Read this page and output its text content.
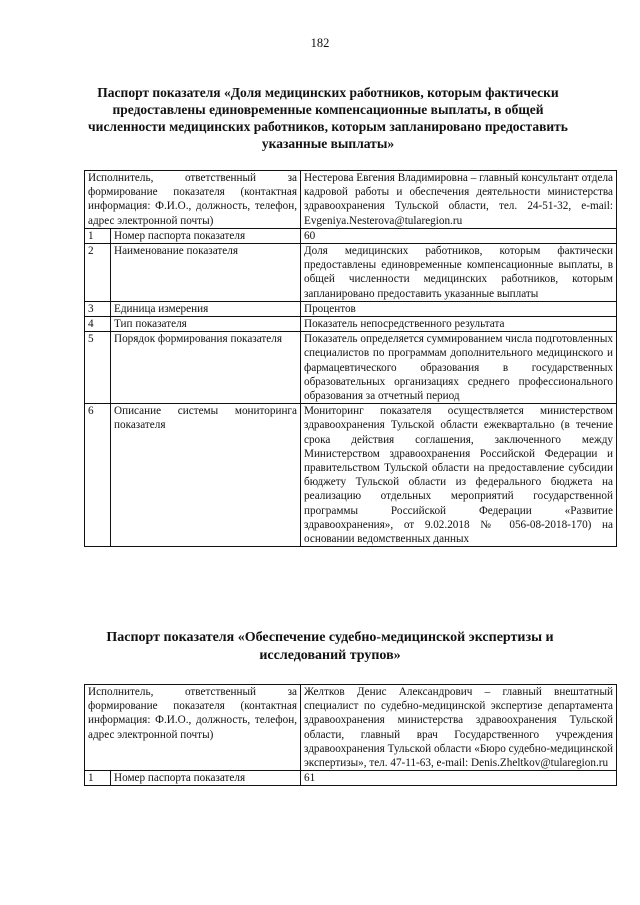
182
Паспорт показателя «Доля медицинских работников, которым фактически предоставлены единовременные компенсационные выплаты, в общей численности медицинских работников, которым запланировано предоставить указанные выплаты»
Исполнитель, ответственный за формирование показателя (контактная информация: Ф.И.О., должность, телефон, адрес электронной почты)		Нестерова Евгения Владимировна – главный консультант отдела кадровой работы и обеспечения деятельности министерства здравоохранения Тульской области, тел. 24-51-32, e-mail: Evgeniya.Nesterova@tularegion.ru
1	Номер паспорта показателя	60
2	Наименование показателя	Доля медицинских работников, которым фактически предоставлены единовременные компенсационные выплаты, в общей численности медицинских работников, которым запланировано предоставить указанные выплаты
3	Единица измерения	Процентов
4	Тип показателя	Показатель непосредственного результата
5	Порядок формирования показателя	Показатель определяется суммированием числа подготовленных специалистов по программам дополнительного медицинского и фармацевтического образования в государственных образовательных организациях среднего профессионального образования за отчетный период
6	Описание системы мониторинга показателя	Мониторинг показателя осуществляется министерством здравоохранения Тульской области ежеквартально (в течение срока действия соглашения, заключенного между Министерством здравоохранения Российской Федерации и правительством Тульской области на предоставление субсидии бюджету Тульской области из федерального бюджета на реализацию отдельных мероприятий государственной программы Российской Федерации «Развитие здравоохранения», от 9.02.2018 № 056-08-2018-170) на основании ведомственных данных
Паспорт показателя «Обеспечение судебно-медицинской экспертизы и исследований трупов»
Исполнитель, ответственный за формирование показателя (контактная информация: Ф.И.О., должность, телефон, адрес электронной почты)		Желтков Денис Александрович – главный внештатный специалист по судебно-медицинской экспертизе департамента здравоохранения министерства здравоохранения Тульской области, главный врач Государственного учреждения здравоохранения Тульской области «Бюро судебно-медицинской экспертизы», тел. 47-11-63, e-mail: Denis.Zheltkov@tularegion.ru
1	Номер паспорта показателя	61
